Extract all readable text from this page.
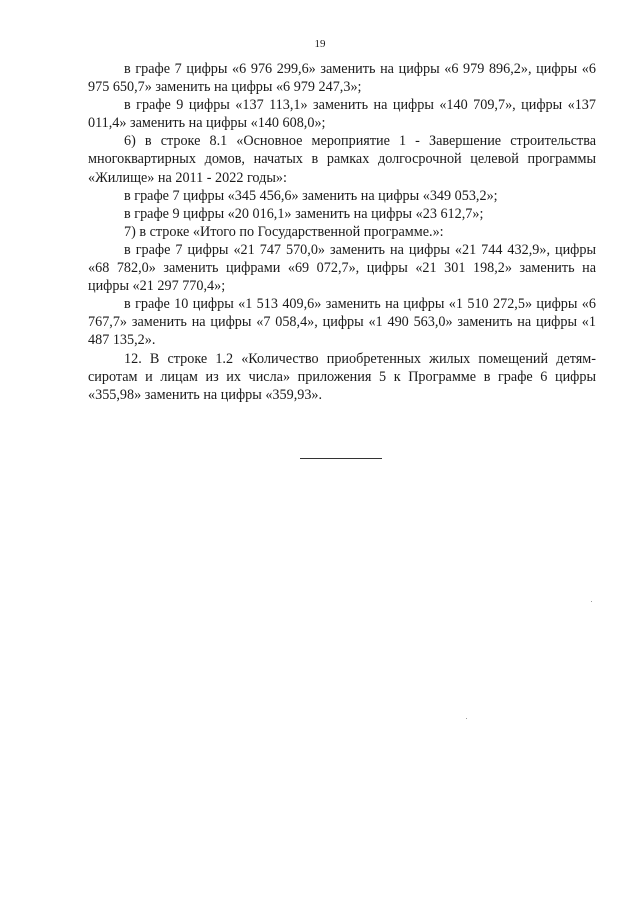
19

в графе 7 цифры «6 976 299,6» заменить на цифры «6 979 896,2», цифры «6 975 650,7» заменить на цифры «6 979 247,3»;

в графе 9 цифры «137 113,1» заменить на цифры «140 709,7», цифры «137 011,4» заменить на цифры «140 608,0»;

6) в строке 8.1 «Основное мероприятие 1 - Завершение строительства многоквартирных домов, начатых в рамках долгосрочной целевой программы «Жилище» на 2011 - 2022 годы»:

в графе 7 цифры «345 456,6» заменить на цифры «349 053,2»;

в графе 9 цифры «20 016,1» заменить на цифры «23 612,7»;

7) в строке «Итого по Государственной программе.»:

в графе 7 цифры «21 747 570,0» заменить на цифры «21 744 432,9», цифры «68 782,0» заменить цифрами «69 072,7», цифры «21 301 198,2» заменить на цифры «21 297 770,4»;

в графе 10 цифры «1 513 409,6» заменить на цифры «1 510 272,5» цифры «6 767,7» заменить на цифры «7 058,4», цифры «1 490 563,0» заменить на цифры «1 487 135,2».

12. В строке 1.2 «Количество приобретенных жилых помещений детям-сиротам и лицам из их числа» приложения 5 к Программе в графе 6 цифры «355,98» заменить на цифры «359,93».
